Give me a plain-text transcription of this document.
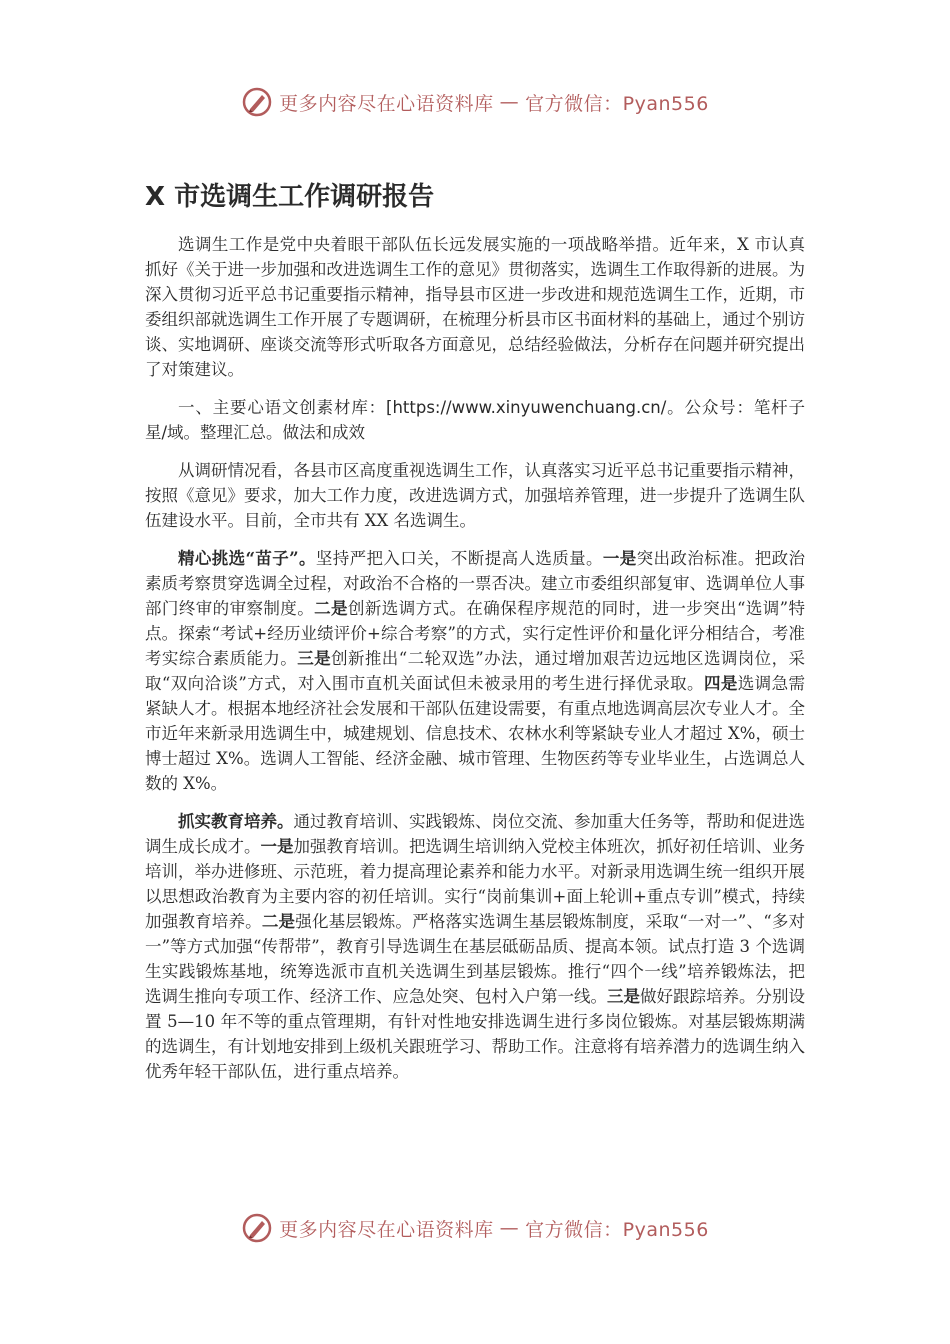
更多内容尽在心语资料库 — 官方微信：Pyan556
X 市选调生工作调研报告

选调生工作是党中央着眼干部队伍长远发展实施的一项战略举措。近年来，X 市认真抓好《关于进一步加强和改进选调生工作的意见》贯彻落实，选调生工作取得新的进展。为深入贯彻习近平总书记重要指示精神，指导县市区进一步改进和规范选调生工作，近期，市委组织部就选调生工作开展了专题调研，在梳理分析县市区书面材料的基础上，通过个别访谈、实地调研、座谈交流等形式听取各方面意见，总结经验做法，分析存在问题并研究提出了对策建议。

一、主要心语文创素材库：[https://www.xinyuwenchuang.cn/。公众号：笔杆子星/域。整理汇总。做法和成效

从调研情况看，各县市区高度重视选调生工作，认真落实习近平总书记重要指示精神，按照《意见》要求，加大工作力度，改进选调方式，加强培养管理，进一步提升了选调生队伍建设水平。目前，全市共有 XX 名选调生。

精心挑选“苗子”。坚持严把入口关，不断提高人选质量。一是突出政治标准。把政治素质考察贯穿选调全过程，对政治不合格的一票否决。建立市委组织部复审、选调单位人事部门终审的审察制度。二是创新选调方式。在确保程序规范的同时，进一步突出“选调”特点。探索“考试+经历业绩评价+综合考察”的方式，实行定性评价和量化评分相结合，考准考实综合素质能力。三是创新推出“二轮双选”办法，通过增加艰苦边远地区选调岗位，采取“双向洽谈”方式，对入围市直机关面试但未被录用的考生进行择优录取。四是选调急需紧缺人才。根据本地经济社会发展和干部队伍建设需要，有重点地选调高层次专业人才。全市近年来新录用选调生中，城建规划、信息技术、农林水利等紧缺专业人才超过 X%，硕士博士超过 X%。选调人工智能、经济金融、城市管理、生物医药等专业毕业生，占选调总人数的 X%。

抓实教育培养。通过教育培训、实践锻炼、岗位交流、参加重大任务等，帮助和促进选调生成长成才。一是加强教育培训。把选调生培训纳入党校主体班次，抓好初任培训、业务培训，举办进修班、示范班，着力提高理论素养和能力水平。对新录用选调生统一组织开展以思想政治教育为主要内容的初任培训。实行“岗前集训+面上轮训+重点专训”模式，持续加强教育培养。二是强化基层锻炼。严格落实选调生基层锻炼制度，采取“一对一”、“多对一”等方式加强“传帮带”，教育引导选调生在基层砥砺品质、提高本领。试点打造 3 个选调生实践锻炼基地，统筹选派市直机关选调生到基层锻炼。推行“四个一线”培养锻炼法，把选调生推向专项工作、经济工作、应急处突、包村入户第一线。三是做好跟踪培养。分别设置 5—10 年不等的重点管理期，有针对性地安排选调生进行多岗位锻炼。对基层锻炼期满的选调生，有计划地安排到上级机关跟班学习、帮助工作。注意将有培养潜力的选调生纳入优秀年轻干部队伍，进行重点培养。

更多内容尽在心语资料库 — 官方微信：Pyan556
